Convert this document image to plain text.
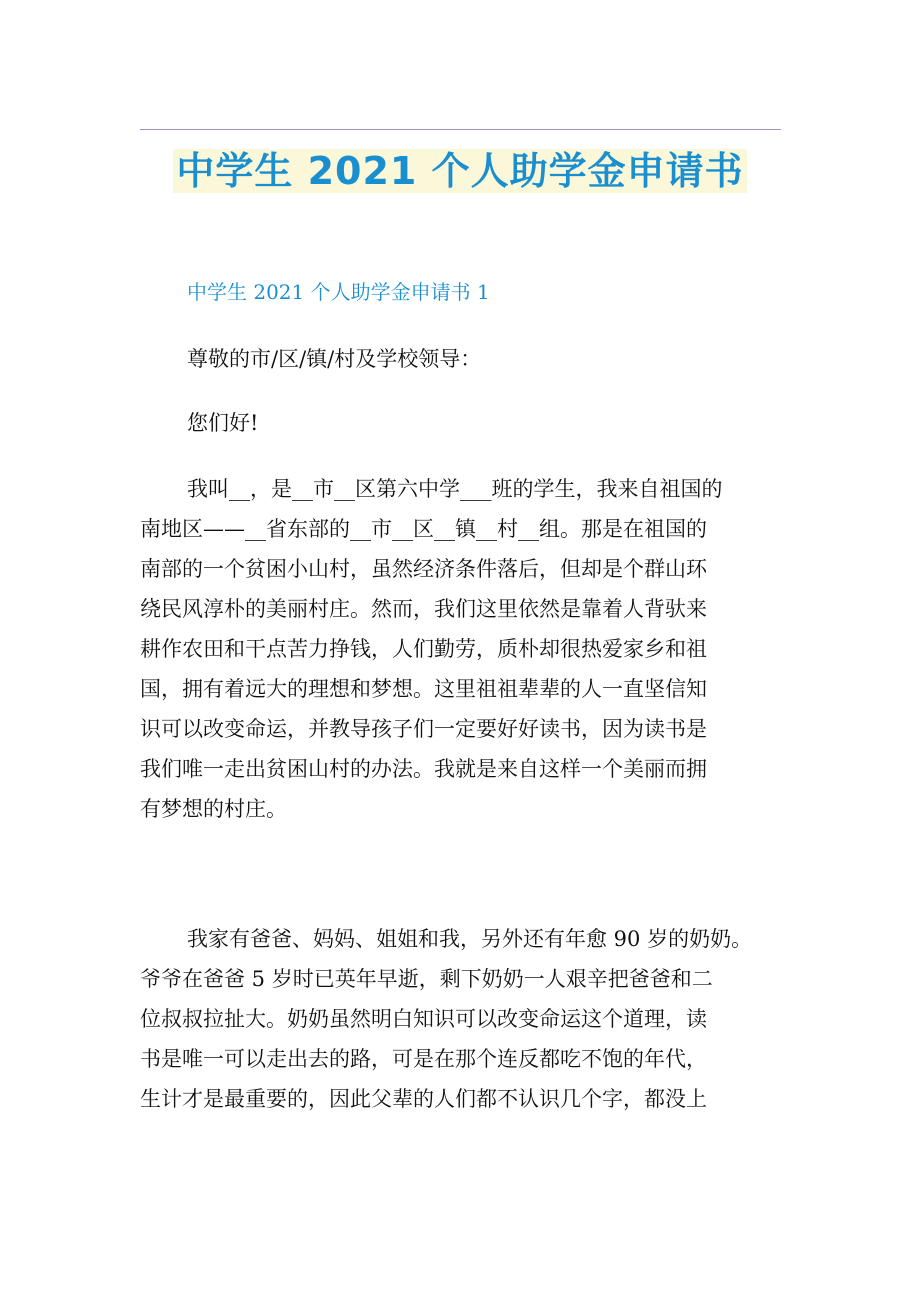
中学生 2021 个人助学金申请书
中学生 2021 个人助学金申请书 1

尊敬的市/区/镇/村及学校领导：

您们好!

我叫__，是__市__区第六中学___班的学生，我来自祖国的
南地区——__省东部的__市__区__镇__村__组。那是在祖国的
南部的一个贫困小山村，虽然经济条件落后，但却是个群山环
绕民风淳朴的美丽村庄。然而，我们这里依然是靠着人背驮来
耕作农田和干点苦力挣钱，人们勤劳，质朴却很热爱家乡和祖
国，拥有着远大的理想和梦想。这里祖祖辈辈的人一直坚信知
识可以改变命运，并教导孩子们一定要好好读书，因为读书是
我们唯一走出贫困山村的办法。我就是来自这样一个美丽而拥
有梦想的村庄。

我家有爸爸、妈妈、姐姐和我，另外还有年愈 90 岁的奶奶。
爷爷在爸爸 5 岁时已英年早逝，剩下奶奶一人艰辛把爸爸和二
位叔叔拉扯大。奶奶虽然明白知识可以改变命运这个道理，读
书是唯一可以走出去的路，可是在那个连反都吃不饱的年代，
生计才是最重要的，因此父辈的人们都不认识几个字，都没上
